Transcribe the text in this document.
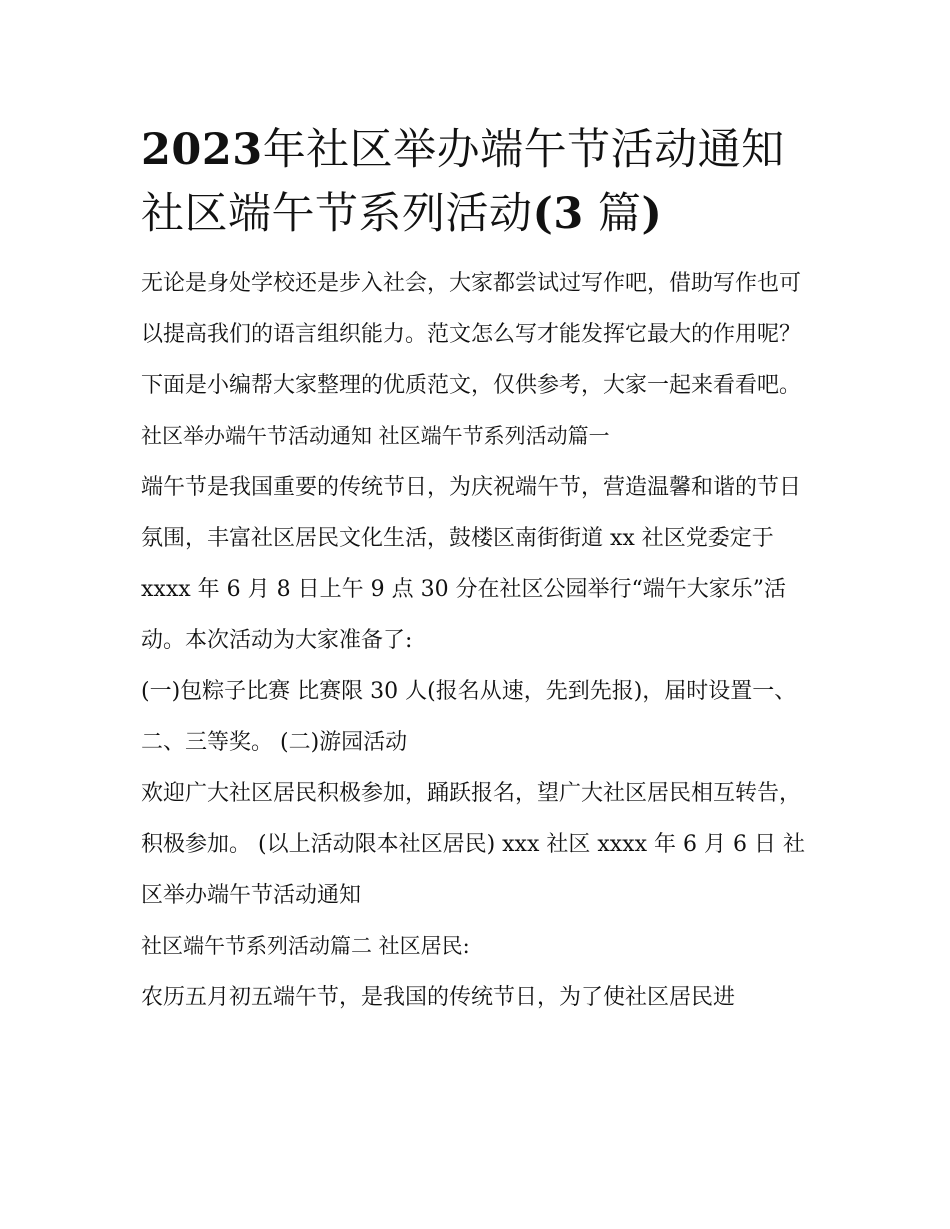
2023年社区举办端午节活动通知 社区端午节系列活动(3 篇)

无论是身处学校还是步入社会，大家都尝试过写作吧，借助写作也可以提高我们的语言组织能力。范文怎么写才能发挥它最大的作用呢？下面是小编帮大家整理的优质范文，仅供参考，大家一起来看看吧。

社区举办端午节活动通知 社区端午节系列活动篇一

端午节是我国重要的传统节日，为庆祝端午节，营造温馨和谐的节日氛围，丰富社区居民文化生活，鼓楼区南街街道 xx 社区党委定于 xxxx 年 6 月 8 日上午 9 点 30 分在社区公园举行“端午大家乐”活动。本次活动为大家准备了:

(一)包粽子比赛 比赛限 30 人(报名从速，先到先报)，届时设置一、二、三等奖。 (二)游园活动

欢迎广大社区居民积极参加，踊跃报名，望广大社区居民相互转告，积极参加。 (以上活动限本社区居民) xxx 社区 xxxx 年 6 月 6 日 社区举办端午节活动通知

社区端午节系列活动篇二 社区居民:

农历五月初五端午节，是我国的传统节日，为了使社区居民进
